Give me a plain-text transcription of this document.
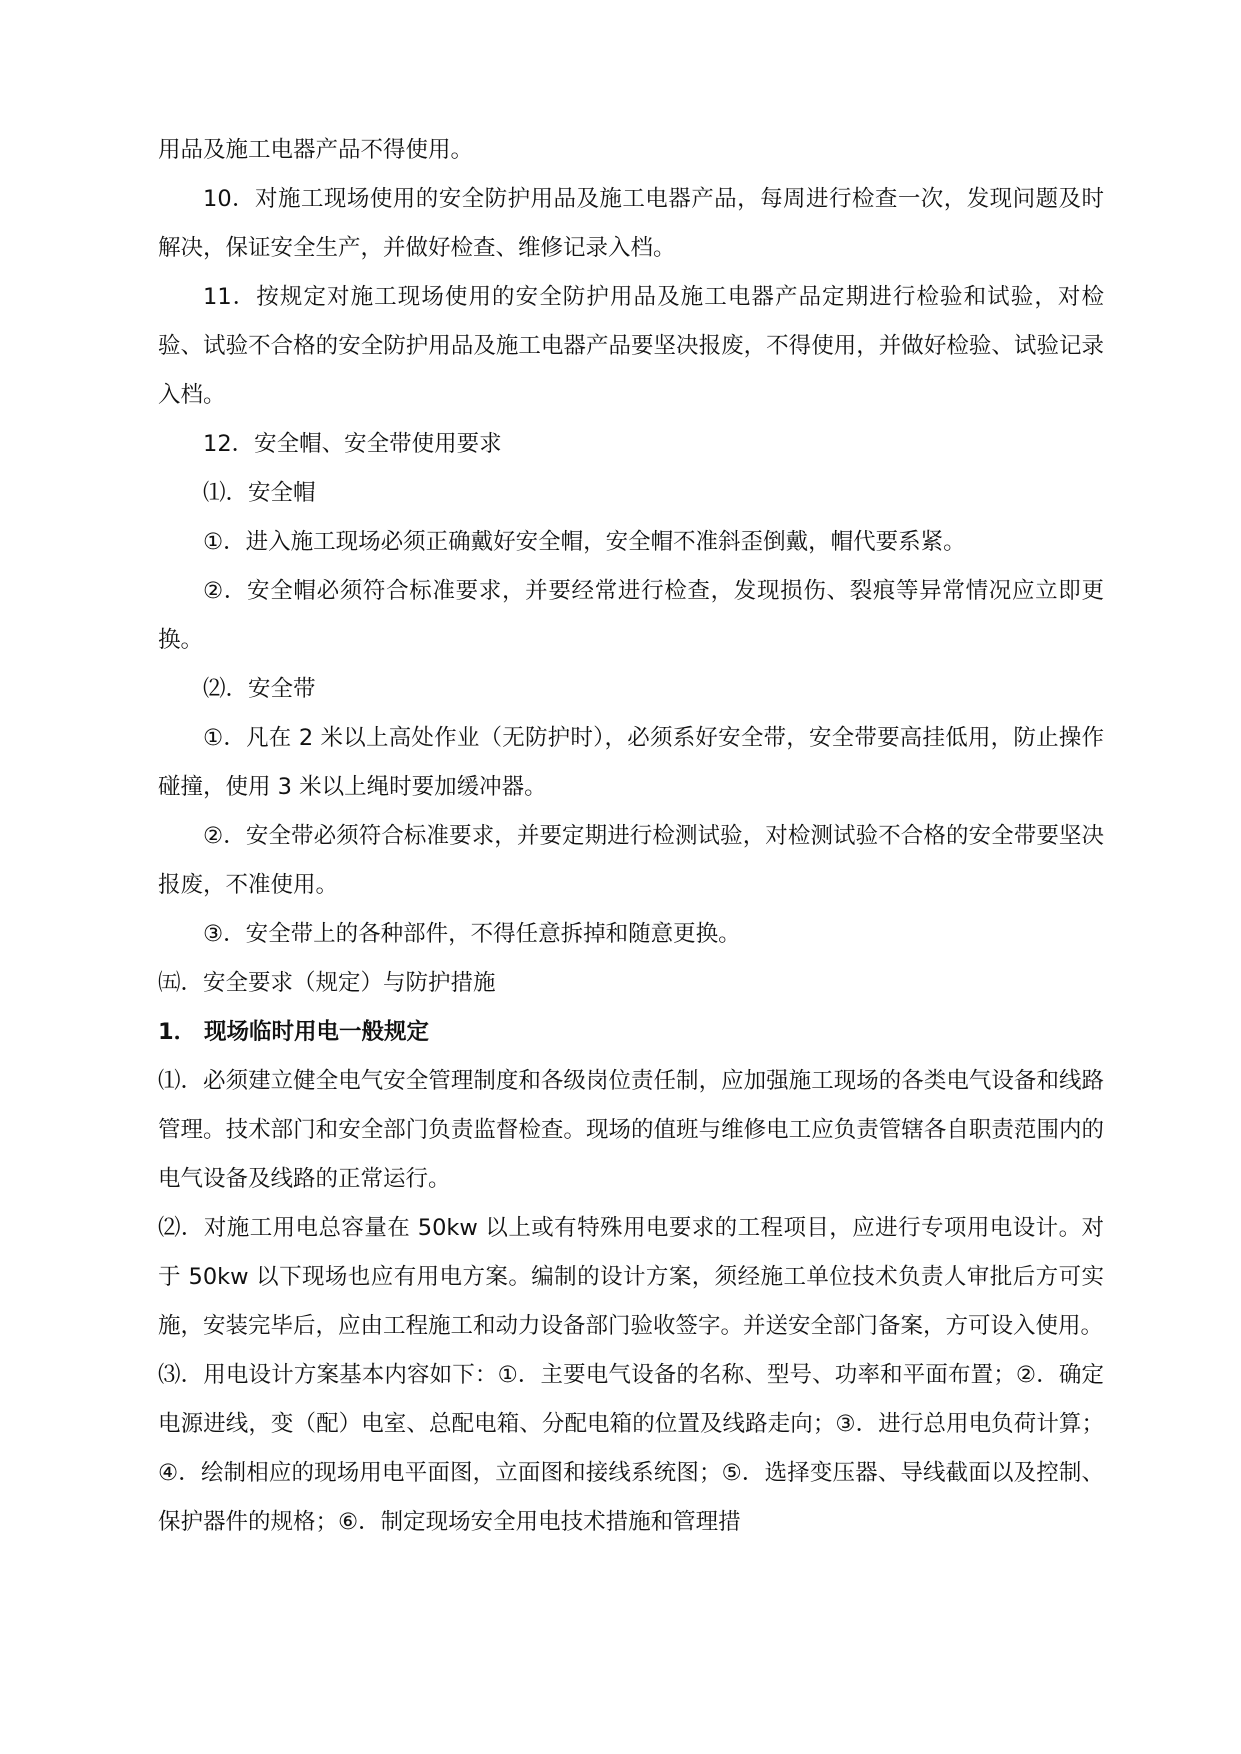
用品及施工电器产品不得使用。

10．对施工现场使用的安全防护用品及施工电器产品，每周进行检查一次，发现问题及时解决，保证安全生产，并做好检查、维修记录入档。

11．按规定对施工现场使用的安全防护用品及施工电器产品定期进行检验和试验，对检验、试验不合格的安全防护用品及施工电器产品要坚决报废，不得使用，并做好检验、试验记录入档。

12．安全帽、安全带使用要求

⑴．安全帽

①．进入施工现场必须正确戴好安全帽，安全帽不准斜歪倒戴，帽代要系紧。

②．安全帽必须符合标准要求，并要经常进行检查，发现损伤、裂痕等异常情况应立即更换。

⑵．安全带

①．凡在 2 米以上高处作业（无防护时），必须系好安全带，安全带要高挂低用，防止操作碰撞，使用 3 米以上绳时要加缓冲器。

②．安全带必须符合标准要求，并要定期进行检测试验，对检测试验不合格的安全带要坚决报废，不准使用。

③．安全带上的各种部件，不得任意拆掉和随意更换。

㈤．安全要求（规定）与防护措施

1． 现场临时用电一般规定

⑴．必须建立健全电气安全管理制度和各级岗位责任制，应加强施工现场的各类电气设备和线路管理。技术部门和安全部门负责监督检查。现场的值班与维修电工应负责管辖各自职责范围内的电气设备及线路的正常运行。

⑵．对施工用电总容量在 50kw 以上或有特殊用电要求的工程项目，应进行专项用电设计。对于 50kw 以下现场也应有用电方案。编制的设计方案，须经施工单位技术负责人审批后方可实施，安装完毕后，应由工程施工和动力设备部门验收签字。并送安全部门备案，方可设入使用。

⑶．用电设计方案基本内容如下：①．主要电气设备的名称、型号、功率和平面布置；②．确定电源进线，变（配）电室、总配电箱、分配电箱的位置及线路走向；③．进行总用电负荷计算；④．绘制相应的现场用电平面图，立面图和接线系统图；⑤．选择变压器、导线截面以及控制、保护器件的规格；⑥．制定现场安全用电技术措施和管理措
